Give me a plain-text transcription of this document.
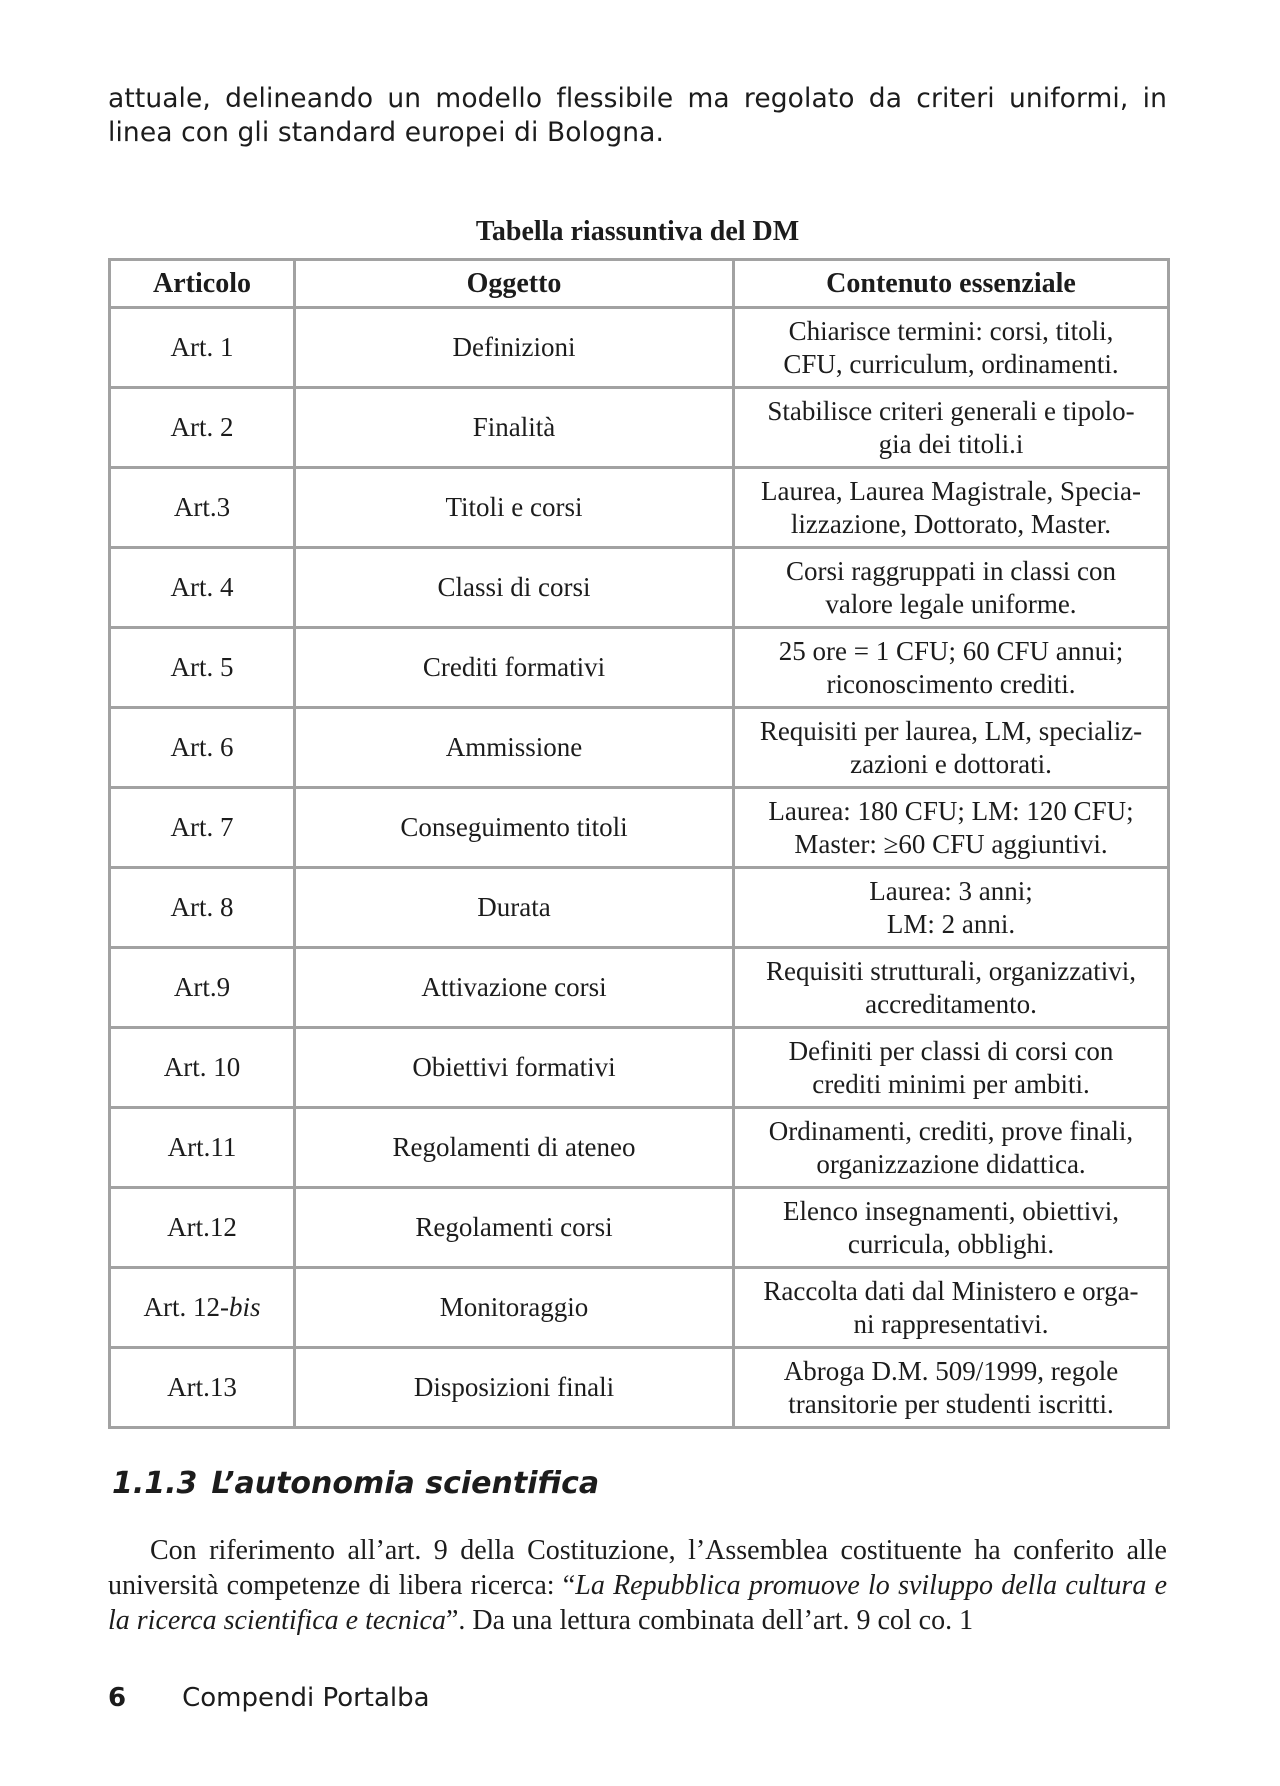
attuale, delineando un modello flessibile ma regolato da criteri uniformi, in linea con gli standard europei di Bologna.

Tabella riassuntiva del DM

Articolo	Oggetto	Contenuto essenziale
Art. 1	Definizioni	Chiarisce termini: corsi, titoli,
CFU, curriculum, ordinamenti.

Art. 2	Finalità	Stabilisce criteri generali e tipolo-
gia dei titoli.i

Art.3	Titoli e corsi	Laurea, Laurea Magistrale, Specia-
lizzazione, Dottorato, Master.

Art. 4	Classi di corsi	Corsi raggruppati in classi con
valore legale uniforme.

Art. 5	Crediti formativi	25 ore = 1 CFU; 60 CFU annui;
riconoscimento crediti.

Art. 6	Ammissione	Requisiti per laurea, LM, specializ-
zazioni e dottorati.

Art. 7	Conseguimento titoli	Laurea: 180 CFU; LM: 120 CFU;
Master: ≥60 CFU aggiuntivi.

Art. 8	Durata	Laurea: 3 anni;
LM: 2 anni.

Art.9	Attivazione corsi	Requisiti strutturali, organizzativi,
accreditamento.

Art. 10	Obiettivi formativi	Definiti per classi di corsi con
crediti minimi per ambiti.

Art.11	Regolamenti di ateneo	Ordinamenti, crediti, prove finali,
organizzazione didattica.

Art.12	Regolamenti corsi	Elenco insegnamenti, obiettivi,
curricula, obblighi.

Art. 12-bis	Monitoraggio	Raccolta dati dal Ministero e orga-
ni rappresentativi.

Art.13	Disposizioni finali	Abroga D.M. 509/1999, regole
transitorie per studenti iscritti.
1.1.3 L’autonomia scientifica

Con riferimento all’art. 9 della Costituzione, l’Assemblea costituente ha conferito alle università competenze di libera ricerca: “La Repubblica promuove lo sviluppo della cultura e la ricerca scientifica e tecnica”. Da una lettura combinata dell’art. 9 col co. 1

6 Compendi Portalba
